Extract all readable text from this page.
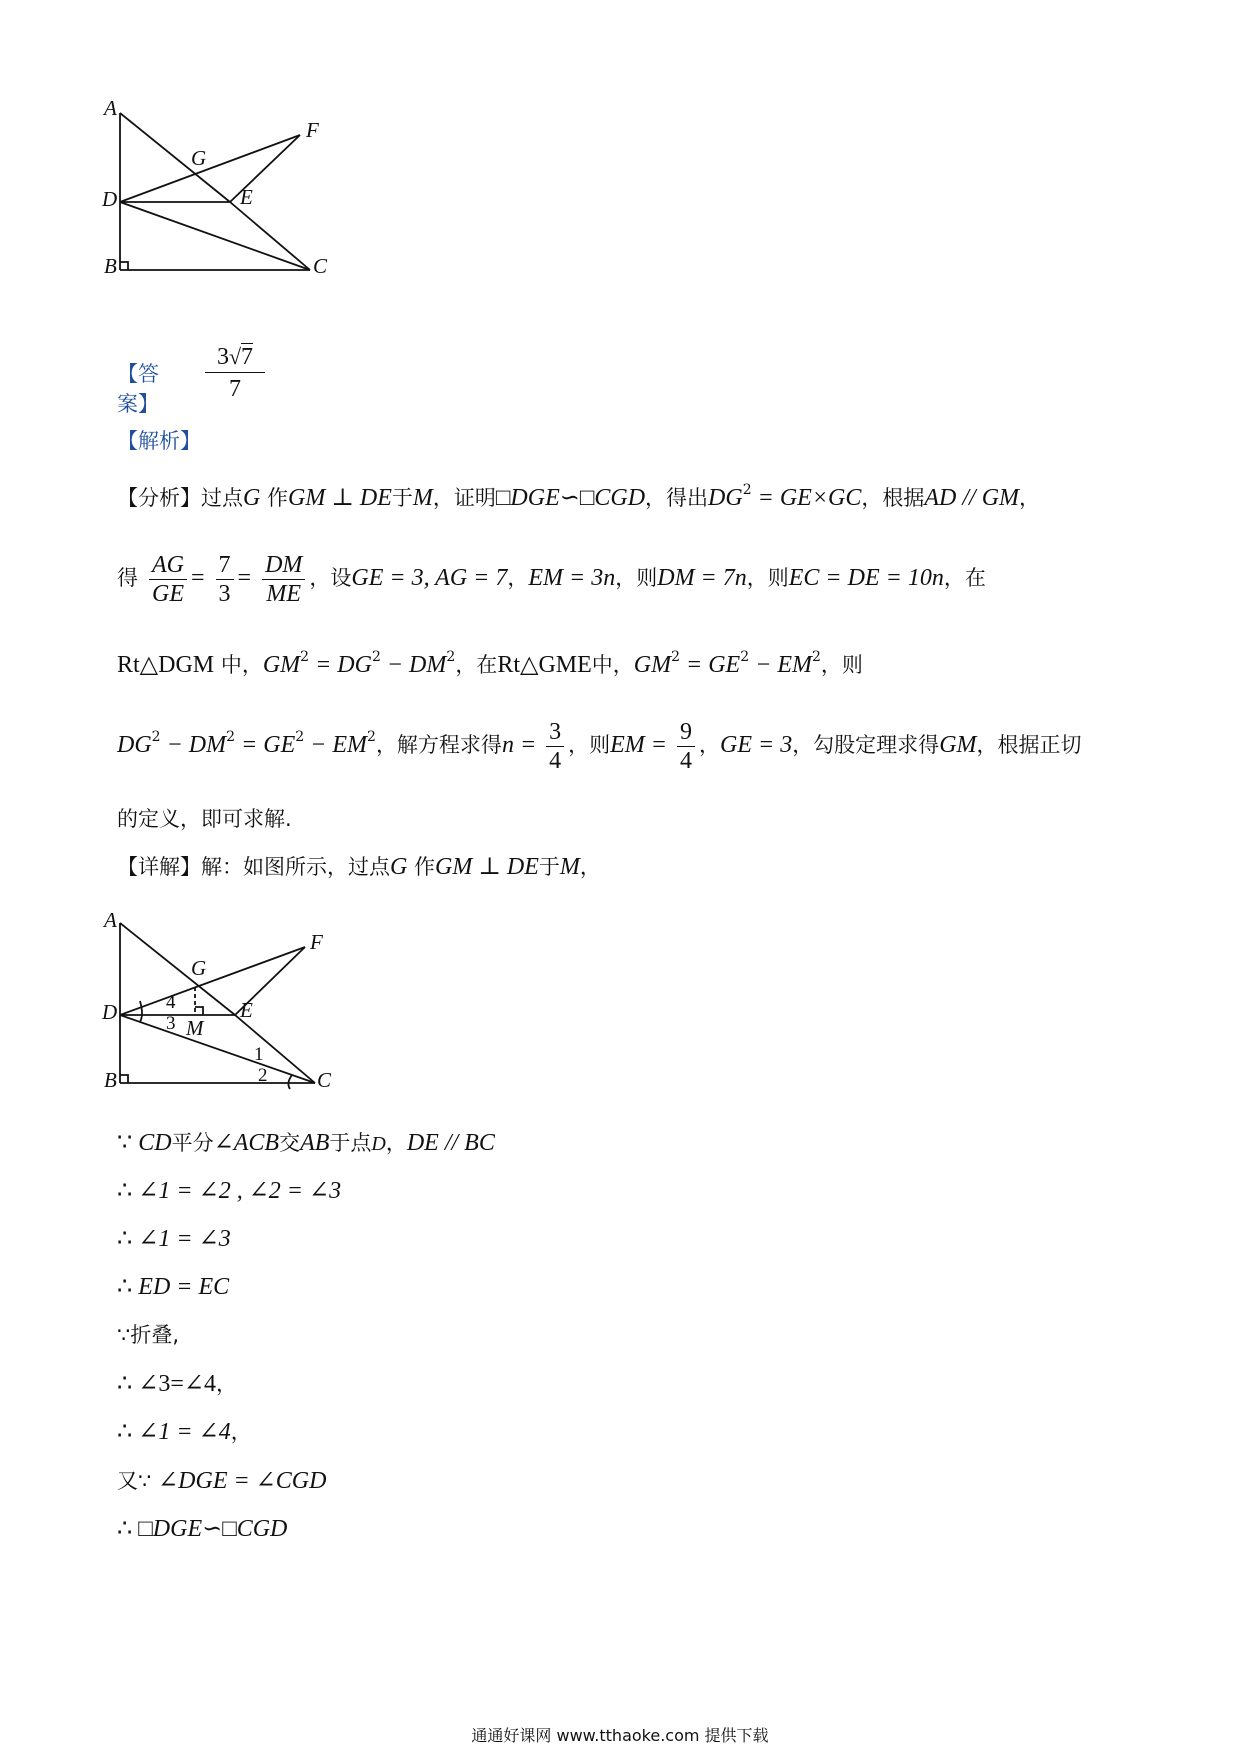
A
F
G
D	E
B	C
【答案】 $\frac{3√7}{7}$
【解析】
【分析】过点G 作GM ⊥ DE于M，证明□DGE∽□CGD，得出$DG^2 = GE\times GC$，根据AD // GM，
得 $\frac{AG}{GE} = \frac{7}{3} = \frac{DM}{ME}$ ，设GE = 3, AG = 7，EM = 3n，则DM = 7n，则EC = DE = 10n，在
Rt△DGM 中，$GM^2 = DG^2 - DM^2$，在Rt△GME中，$GM^2 = GE^2 - EM^2$，则
$DG^2 - DM^2 = GE^2 - EM^2$，解方程求得$n = \frac{3}{4}$ ，则EM = $\frac{9}{4}$ ，GE = 3，勾股定理求得GM，根据正切
的定义，即可求解.
【详解】解：如图所示，过点G 作GM ⊥ DE于M，
A
F
G
D	E
M
B	C
4
3
1
2
∵ CD平分∠ACB交AB于点D，DE // BC
∴ ∠1 = ∠2 , ∠2 = ∠3
∴ ∠1 = ∠3
∴ ED = EC
∵折叠,
∴ ∠3=∠4，
∴ ∠1 = ∠4，
又∵ ∠DGE = ∠CGD
∴ □DGE∽□CGD
通通好课网 www.tthaoke.com 提供下载
